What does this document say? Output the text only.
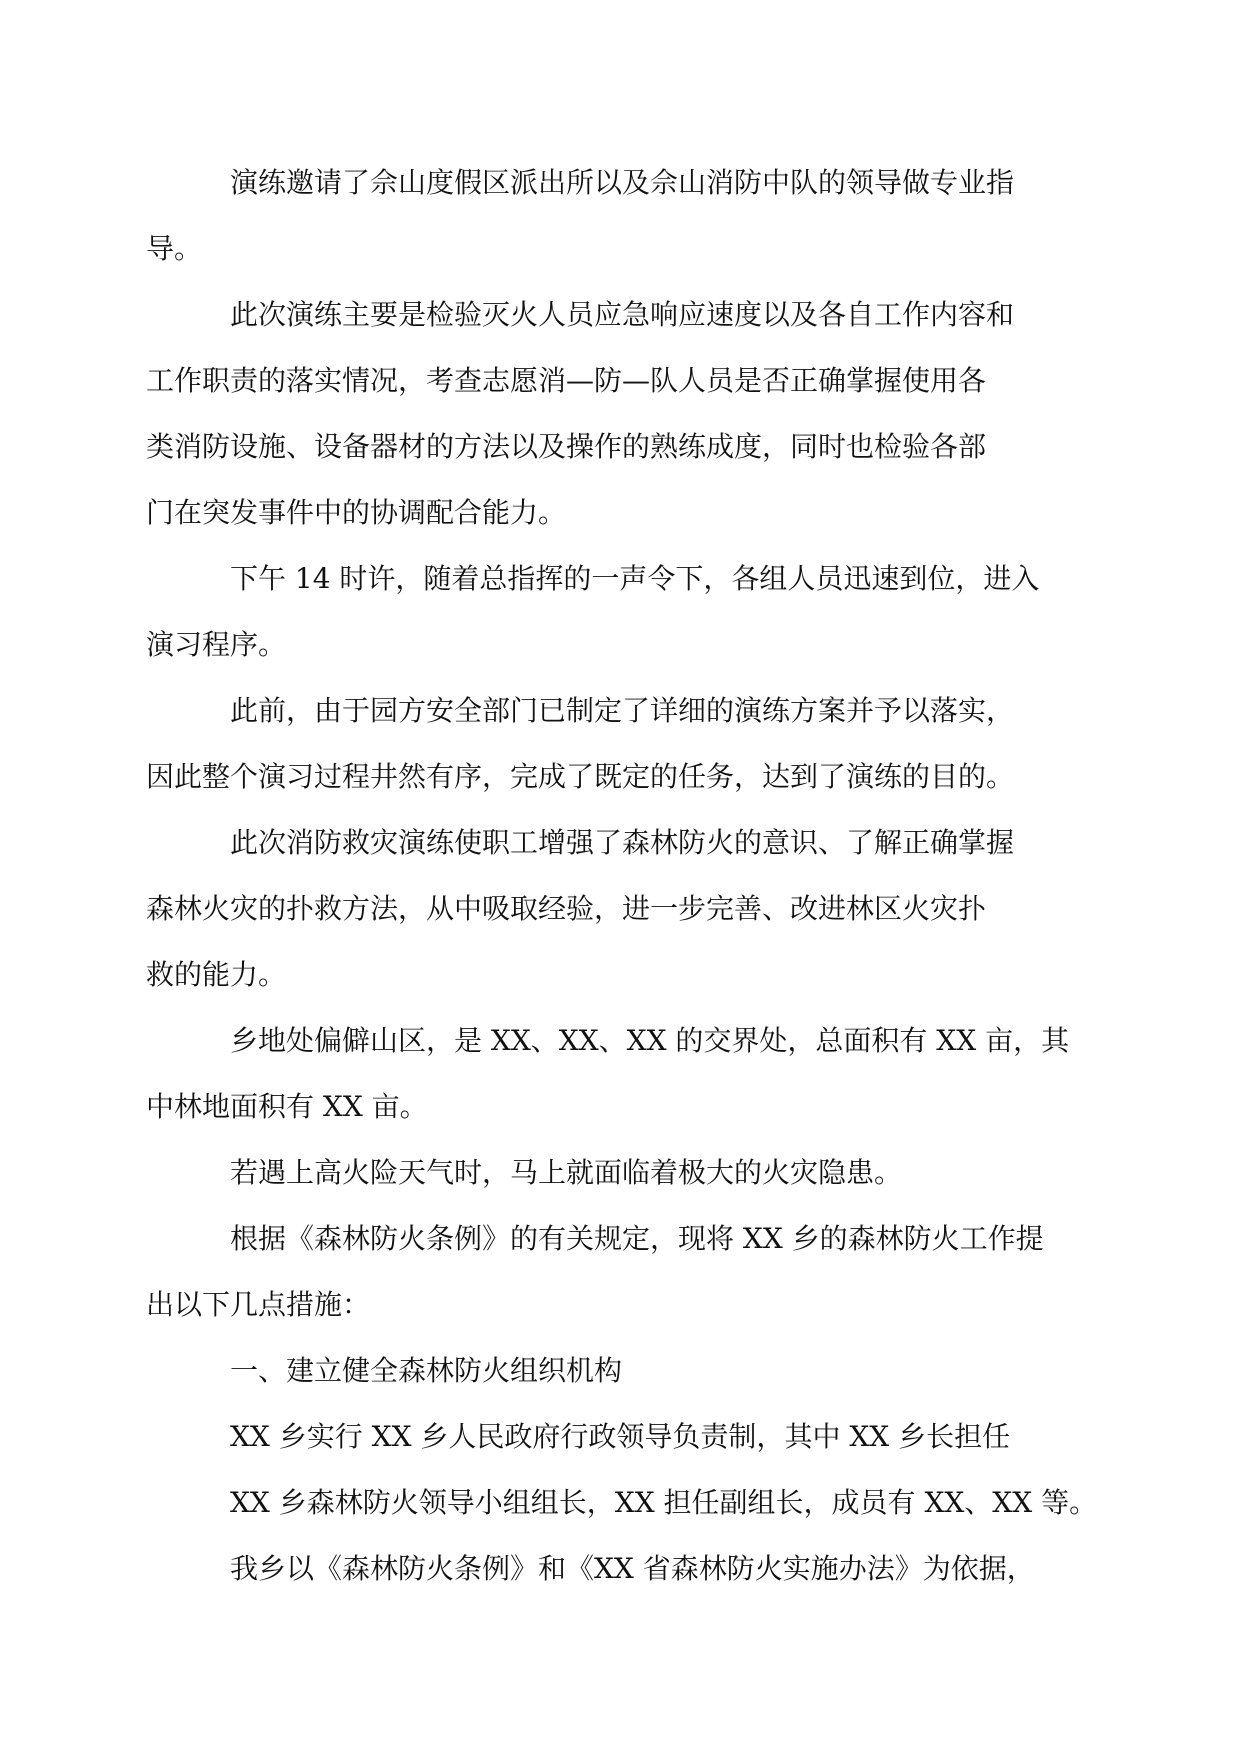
演练邀请了佘山度假区派出所以及佘山消防中队的领导做专业指
导。

此次演练主要是检验灭火人员应急响应速度以及各自工作内容和
工作职责的落实情况，考查志愿消—防—队人员是否正确掌握使用各
类消防设施、设备器材的方法以及操作的熟练成度，同时也检验各部
门在突发事件中的协调配合能力。

下午 14 时许，随着总指挥的一声令下，各组人员迅速到位，进入
演习程序。

此前，由于园方安全部门已制定了详细的演练方案并予以落实，
因此整个演习过程井然有序，完成了既定的任务，达到了演练的目的。

此次消防救灾演练使职工增强了森林防火的意识、了解正确掌握
森林火灾的扑救方法，从中吸取经验，进一步完善、改进林区火灾扑
救的能力。

乡地处偏僻山区，是 XX、XX、XX 的交界处，总面积有 XX 亩，其
中林地面积有 XX 亩。

若遇上高火险天气时，马上就面临着极大的火灾隐患。

根据《森林防火条例》的有关规定，现将 XX 乡的森林防火工作提
出以下几点措施：

一、建立健全森林防火组织机构

XX 乡实行 XX 乡人民政府行政领导负责制，其中 XX 乡长担任

XX 乡森林防火领导小组组长，XX 担任副组长，成员有 XX、XX 等。

我乡以《森林防火条例》和《XX 省森林防火实施办法》为依据，
